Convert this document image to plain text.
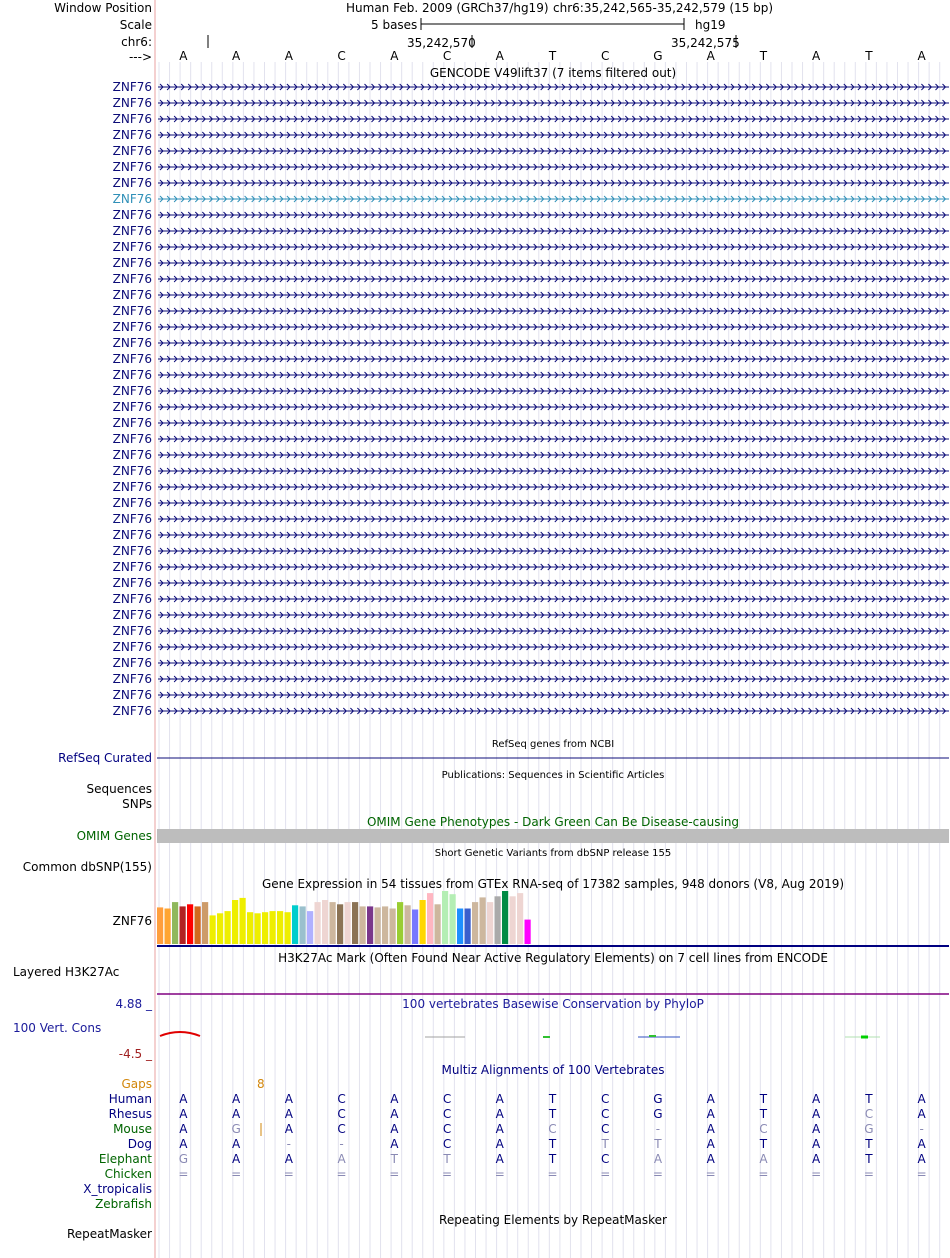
Window Position
Scale
chr6:
--->
Human Feb. 2009 (GRCh37/hg19) chr6:35,242,565-35,242,579 (15 bp)
5 bases	hg19
35,242,570	35,242,575
A	A	A	C	A	C	A	T	C	G	A	T	A	T	A
GENCODE V49lift37 (7 items filtered out)
ZNF76
ZNF76
ZNF76
ZNF76
ZNF76
ZNF76
ZNF76
ZNF76
ZNF76
ZNF76
ZNF76
ZNF76
ZNF76
ZNF76
ZNF76
ZNF76
ZNF76
ZNF76
ZNF76
ZNF76
ZNF76
ZNF76
ZNF76
ZNF76
ZNF76
ZNF76
ZNF76
ZNF76
ZNF76
ZNF76
ZNF76
ZNF76
ZNF76
ZNF76
ZNF76
ZNF76
ZNF76
ZNF76
ZNF76
ZNF76
RefSeq genes from NCBI
RefSeq Curated
Publications: Sequences in Scientific Articles
Sequences
SNPs
OMIM Gene Phenotypes - Dark Green Can Be Disease-causing
OMIM Genes
Short Genetic Variants from dbSNP release 155
Common dbSNP(155)
Gene Expression in 54 tissues from GTEx RNA-seq of 17382 samples, 948 donors (V8, Aug 2019)
ZNF76
H3K27Ac Mark (Often Found Near Active Regulatory Elements) on 7 cell lines from ENCODE
Layered H3K27Ac
100 vertebrates Basewise Conservation by PhyloP
4.88 _
100 Vert. Cons
-4.5 _
Multiz Alignments of 100 Vertebrates
Gaps	8
Human	A	A	A	C	A	C	A	T	C	G	A	T	A	T	A
Rhesus	A	A	A	C	A	C	A	T	C	G	A	T	A	C	A
Mouse	A	G	A	C	A	C	A	C	C	-	A	C	A	G	-
Dog	A	A	-	-	A	C	A	T	T	T	A	T	A	T	A
Elephant	G	A	A	A	T	T	A	T	C	A	A	A	A	T	A
Chicken	=	=	=	=	=	=	=	=	=	=	=	=	=	=	=
X_tropicalis
Zebrafish
Repeating Elements by RepeatMasker
RepeatMasker
